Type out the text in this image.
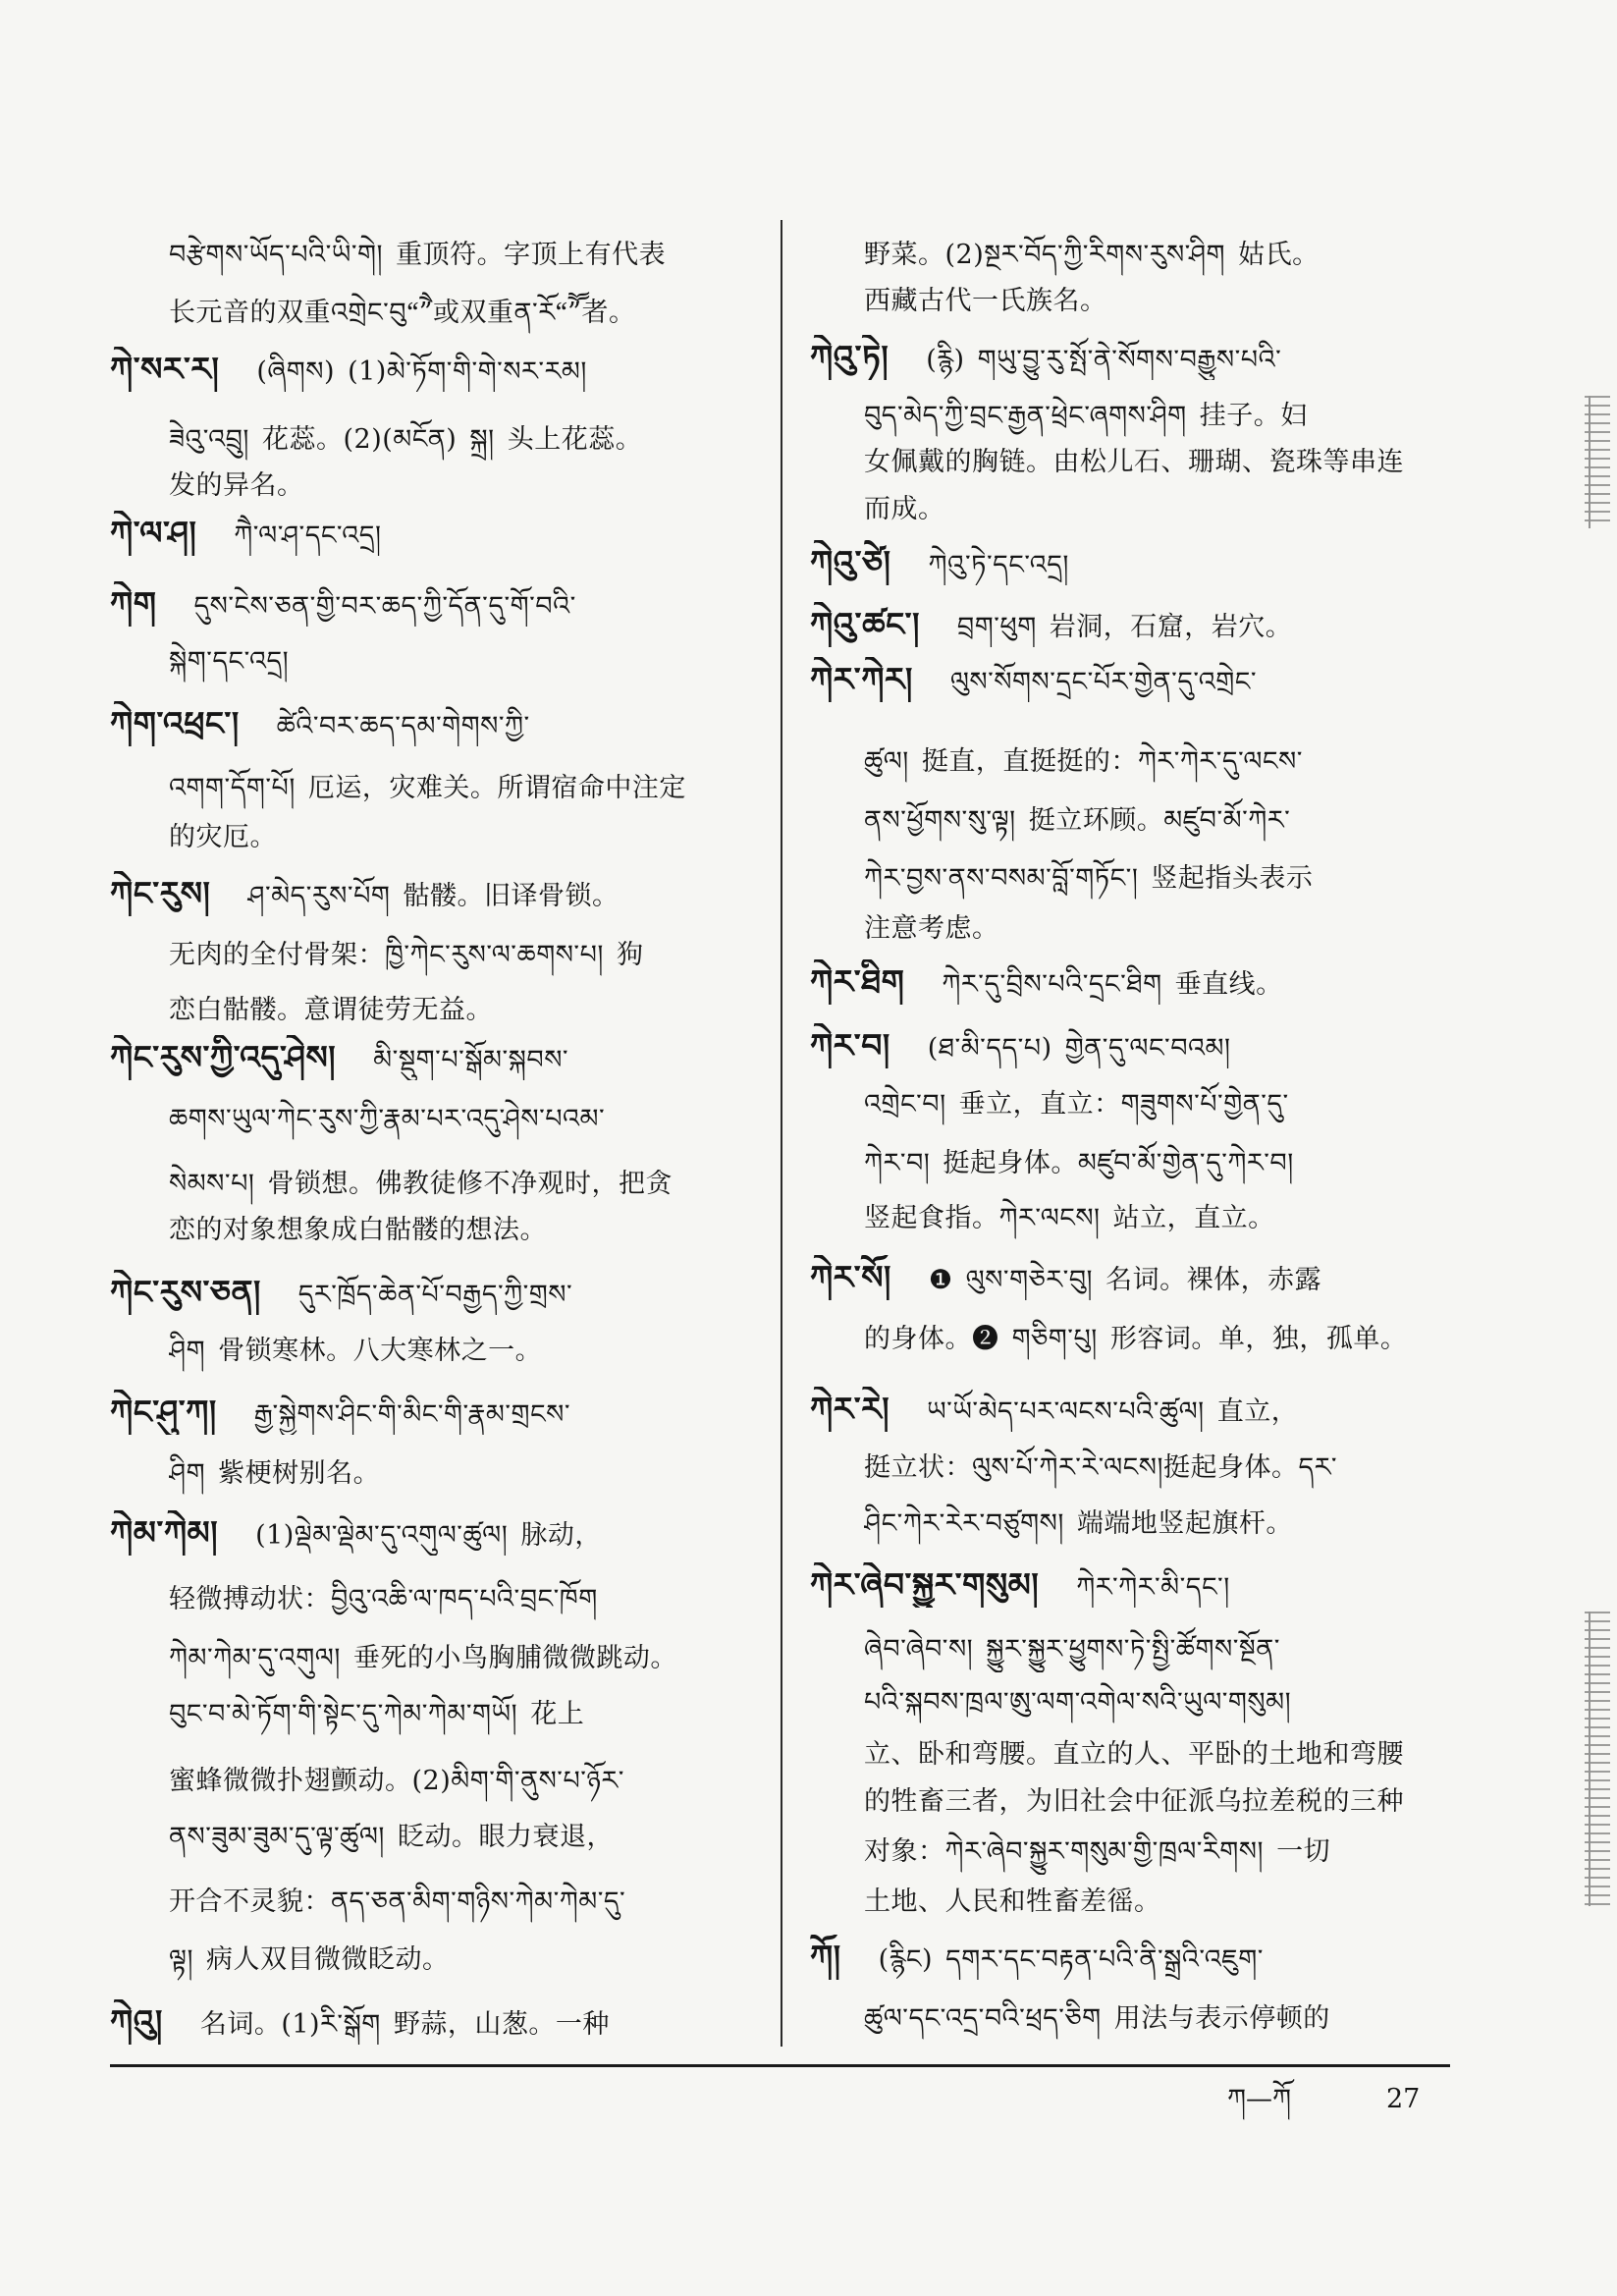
བརྩེགས་ཡོད་པའི་ཡི་གེ། 重顶符。字顶上有代表
长元音的双重འགྲེང་བུ“ཻ”或双重ན་རོ“ཽ”者。
ཀེ་སར་ར། (ཞིགས) (1)མེ་ཏོག་གི་གེ་སར་རམ།
ཟེའུ་འབྲུ། 花蕊。(2)(མངོན) སྐྲ། 头上花蕊。
发的异名。
ཀེ་ལ་ཤ། ཀཻ་ལ་ཤ་དང་འདྲ།
ཀེག དུས་ངེས་ཅན་གྱི་བར་ཆད་ཀྱི་དོན་དུ་གོ་བའི་
སྐེག་དང་འདྲ།
ཀེག་འཕྲང་། ཚེའི་བར་ཆད་དམ་གེགས་ཀྱི་
འགག་དོག་པོ། 厄运，灾难关。所谓宿命中注定
的灾厄。
ཀེང་རུས། ཤ་མེད་རུས་པོག 骷髅。旧译骨锁。
无肉的全付骨架：ཁྱི་ཀེང་རུས་ལ་ཆགས་པ། 狗
恋白骷髅。意谓徒劳无益。
ཀེང་རུས་ཀྱི་འདུ་ཤེས། མི་སྡུག་པ་སྒོམ་སྐབས་
ཆགས་ཡུལ་ཀེང་རུས་ཀྱི་རྣམ་པར་འདུ་ཤེས་པའམ་
སེམས་པ། 骨锁想。佛教徒修不净观时，把贪
恋的对象想象成白骷髅的想法。
ཀེང་རུས་ཅན། དུར་ཁྲོད་ཆེན་པོ་བརྒྱད་ཀྱི་གྲས་
ཤིག 骨锁寒林。八大寒林之一。
ཀེང་ཤུ་ཀ། རྒྱ་སྐྱེགས་ཤིང་གི་མིང་གི་རྣམ་གྲངས་
ཤིག 紫梗树别名。
ཀེམ་ཀེམ། (1)ལྡེམ་ལྡེམ་དུ་འགུལ་ཚུལ། 脉动，
轻微搏动状：བྱིའུ་འཆི་ལ་ཁད་པའི་བྲང་ཁོག
ཀེམ་ཀེམ་དུ་འགུལ། 垂死的小鸟胸脯微微跳动。
བུང་བ་མེ་ཏོག་གི་སྟེང་དུ་ཀེམ་ཀེམ་གཡོ། 花上
蜜蜂微微扑翅颤动。(2)མིག་གི་ནུས་པ་ཉོར་
ནས་ཟུམ་ཟུམ་དུ་ལྟ་ཚུལ། 眨动。眼力衰退，
开合不灵貌：ནད་ཅན་མིག་གཉིས་ཀེམ་ཀེམ་དུ་
ལྟ། 病人双目微微眨动。
ཀེའུ། 名词。(1)རི་སྒོག 野蒜，山葱。一种
野菜。(2)སྔར་བོད་ཀྱི་རིགས་རུས་ཤིག 姑氏。
西藏古代一氏族名。
ཀེའུ་ཏེ། (རྙི) གཡུ་བྱུ་རུ་སྤོ་ནེ་སོགས་བརྒྱུས་པའི་
བུད་མེད་ཀྱི་བྲང་རྒྱན་ཕྲེང་ཞགས་ཤིག 挂子。妇
女佩戴的胸链。由松儿石、珊瑚、瓷珠等串连
而成。
ཀེའུ་ཙེ། ཀེའུ་ཏེ་དང་འདྲ།
ཀེའུ་ཚང་། བྲག་ཕུག 岩洞，石窟，岩穴。
ཀེར་ཀེར། ལུས་སོགས་དྲང་པོར་གྱེན་དུ་འགྲེང་
ཚུལ། 挺直，直挺挺的：ཀེར་ཀེར་དུ་ལངས་
ནས་ཕྱོགས་སུ་ལྟ། 挺立环顾。མཛུབ་མོ་ཀེར་
ཀེར་བྱས་ནས་བསམ་བློ་གཏོང་། 竖起指头表示
注意考虑。
ཀེར་ཐིག ཀེར་དུ་བྲིས་པའི་དྲང་ཐིག 垂直线。
ཀེར་བ། (ཐ་མི་དད་པ) གྱེན་དུ་ལང་བའམ།
འགྲེང་བ། 垂立，直立：གཟུགས་པོ་གྱེན་དུ་
ཀེར་བ། 挺起身体。མཛུབ་མོ་གྱེན་དུ་ཀེར་བ།
竖起食指。ཀེར་ལངས། 站立，直立。
ཀེར་སོ། ❶ ལུས་གཅེར་བུ། 名词。裸体，赤露
的身体。❷ གཅིག་པུ། 形容词。单，独，孤单。
ཀེར་རེ། ཡ་ཡོ་མེད་པར་ལངས་པའི་ཚུལ། 直立，
挺立状：ལུས་པོ་ཀེར་རེ་ལངས།挺起身体。དར་
ཤིང་ཀེར་རེར་བཙུགས། 端端地竖起旗杆。
ཀེར་ཞེབ་སྐྱུར་གསུམ། ཀེར་ཀེར་མི་དང་།
ཞེབ་ཞེབ་ས། སྐྱུར་སྐྱུར་ཕྱུགས་ཏེ་སྤྱི་ཚོགས་སྔོན་
པའི་སྐབས་ཁྲལ་ཨུ་ལག་འགེལ་སའི་ཡུལ་གསུམ།
立、卧和弯腰。直立的人、平卧的土地和弯腰
的牲畜三者，为旧社会中征派乌拉差税的三种
对象：ཀེར་ཞེབ་སྐྱུར་གསུམ་གྱི་ཁྲལ་རིགས། 一切
土地、人民和牲畜差徭。
ཀོ། (རྙིང) དགར་དང་བརྟན་པའི་ནི་སྒྲའི་འཇུག་
ཚུལ་དང་འདྲ་བའི་ཕྲད་ཅིག 用法与表示停顿的
ཀ—ཀོ	27
